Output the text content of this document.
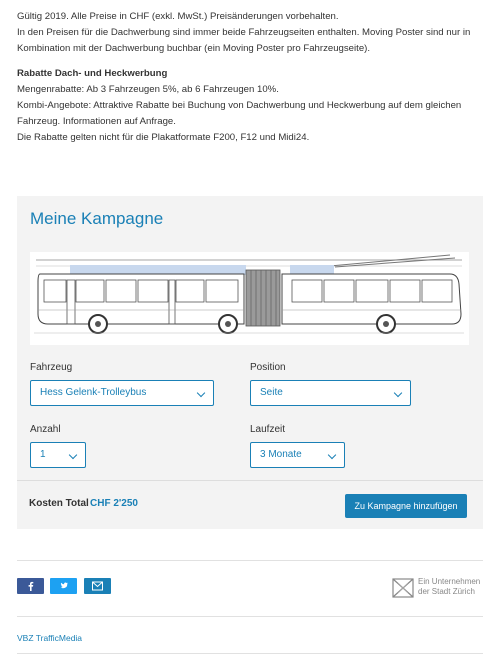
Gültig 2019. Alle Preise in CHF (exkl. MwSt.) Preisänderungen vorbehalten.

In den Preisen für die Dachwerbung sind immer beide Fahrzeugseiten enthalten. Moving Poster sind nur in

Kombination mit der Dachwerbung buchbar (ein Moving Poster pro Fahrzeugseite).

Rabatte Dach- und Heckwerbung

Mengenrabatte: Ab 3 Fahrzeugen 5%, ab 6 Fahrzeugen 10%.

Kombi-Angebote: Attraktive Rabatte bei Buchung von Dachwerbung und Heckwerbung auf dem gleichen

Fahrzeug. Informationen auf Anfrage.

Die Rabatte gelten nicht für die Plakatformate F200, F12 und Midi24.

Meine Kampagne
Fahrzeug
Hess Gelenk-Trolleybus
Position
Seite
Anzahl
1
Laufzeit
3 Monate
Kosten Total CHF 2'250	Zu Kampagne hinzufügen
Ein Unternehmen
der Stadt Zürich
VBZ TrafficMedia
